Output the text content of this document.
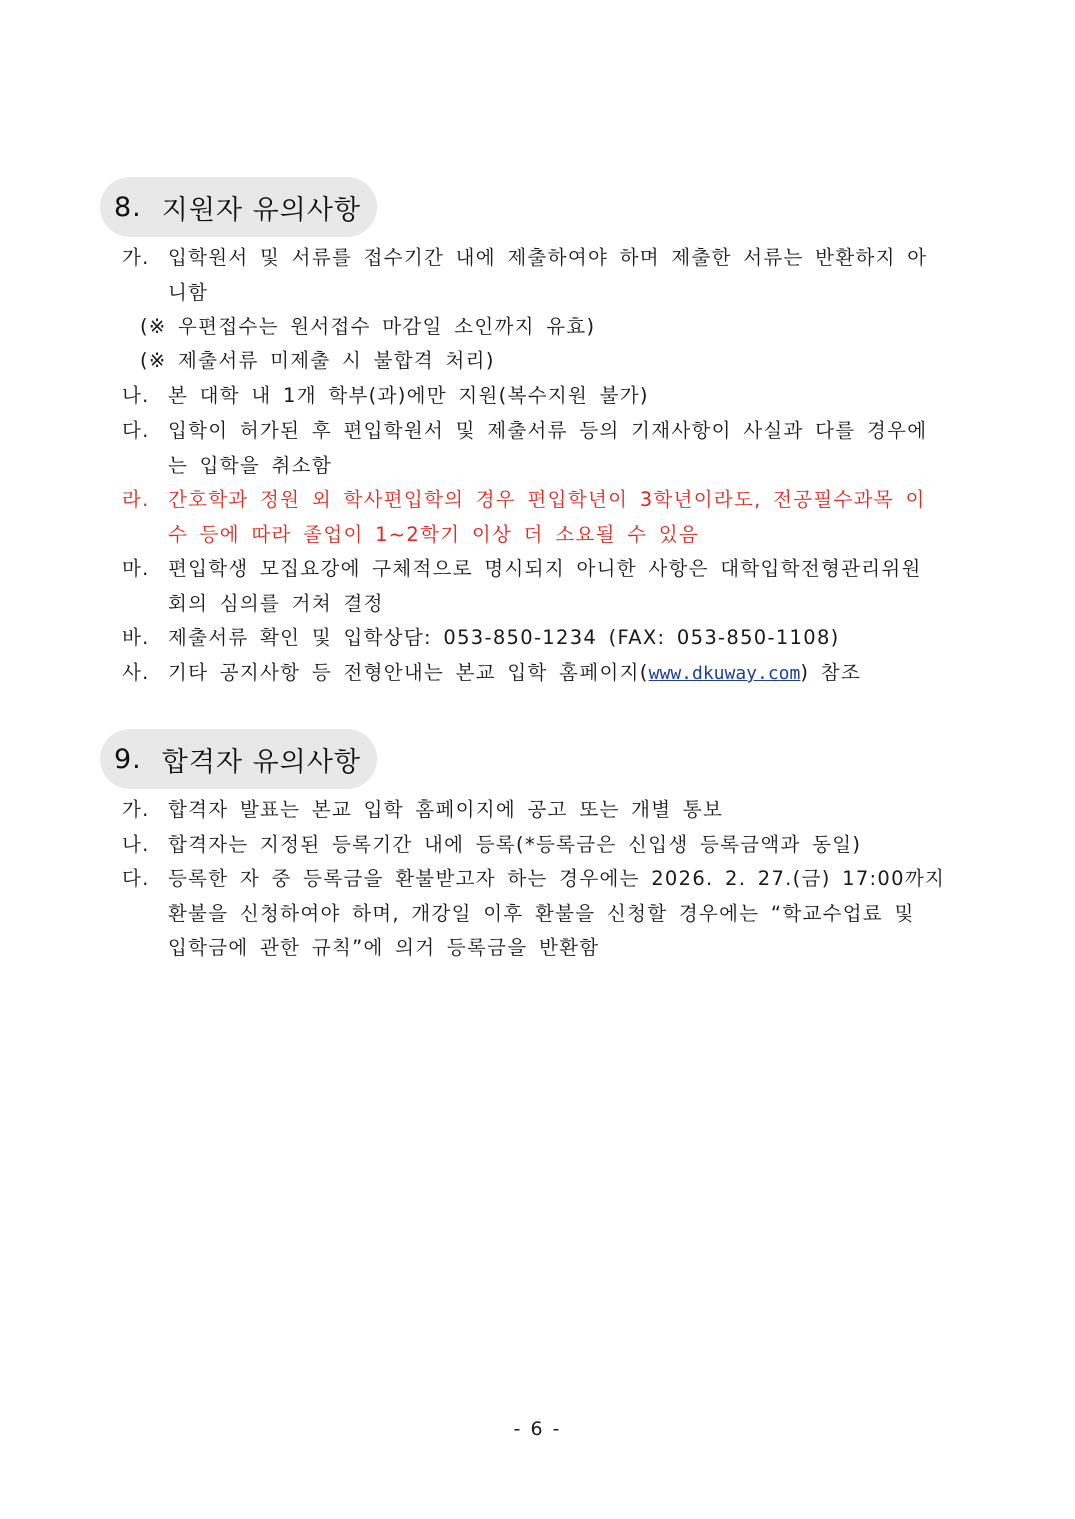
8. 지원자 유의사항
가. 입학원서 및 서류를 접수기간 내에 제출하여야 하며 제출한 서류는 반환하지 아
니함
(※ 우편접수는 원서접수 마감일 소인까지 유효)
(※ 제출서류 미제출 시 불합격 처리)
나. 본 대학 내 1개 학부(과)에만 지원(복수지원 불가)
다. 입학이 허가된 후 편입학원서 및 제출서류 등의 기재사항이 사실과 다를 경우에
는 입학을 취소함
라. 간호학과 정원 외 학사편입학의 경우 편입학년이 3학년이라도, 전공필수과목 이
수 등에 따라 졸업이 1~2학기 이상 더 소요될 수 있음
마. 편입학생 모집요강에 구체적으로 명시되지 아니한 사항은 대학입학전형관리위원
회의 심의를 거쳐 결정
바. 제출서류 확인 및 입학상담: 053-850-1234 (FAX: 053-850-1108)
사. 기타 공지사항 등 전형안내는 본교 입학 홈페이지(www.dkuway.com) 참조
9. 합격자 유의사항
가. 합격자 발표는 본교 입학 홈페이지에 공고 또는 개별 통보
나. 합격자는 지정된 등록기간 내에 등록(*등록금은 신입생 등록금액과 동일)
다. 등록한 자 중 등록금을 환불받고자 하는 경우에는 2026. 2. 27.(금) 17:00까지
환불을 신청하여야 하며, 개강일 이후 환불을 신청할 경우에는 “학교수업료 및
입학금에 관한 규칙”에 의거 등록금을 반환함
- 6 -
